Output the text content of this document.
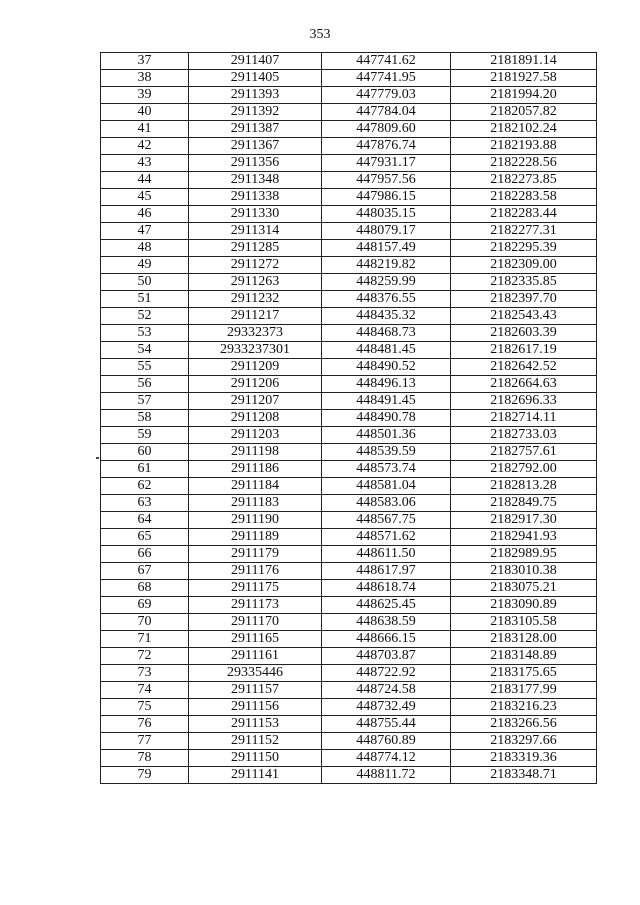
353
37	2911407	447741.62	2181891.14
38	2911405	447741.95	2181927.58
39	2911393	447779.03	2181994.20
40	2911392	447784.04	2182057.82
41	2911387	447809.60	2182102.24
42	2911367	447876.74	2182193.88
43	2911356	447931.17	2182228.56
44	2911348	447957.56	2182273.85
45	2911338	447986.15	2182283.58
46	2911330	448035.15	2182283.44
47	2911314	448079.17	2182277.31
48	2911285	448157.49	2182295.39
49	2911272	448219.82	2182309.00
50	2911263	448259.99	2182335.85
51	2911232	448376.55	2182397.70
52	2911217	448435.32	2182543.43
53	29332373	448468.73	2182603.39
54	2933237301	448481.45	2182617.19
55	2911209	448490.52	2182642.52
56	2911206	448496.13	2182664.63
57	2911207	448491.45	2182696.33
58	2911208	448490.78	2182714.11
59	2911203	448501.36	2182733.03
60	2911198	448539.59	2182757.61
61	2911186	448573.74	2182792.00
62	2911184	448581.04	2182813.28
63	2911183	448583.06	2182849.75
64	2911190	448567.75	2182917.30
65	2911189	448571.62	2182941.93
66	2911179	448611.50	2182989.95
67	2911176	448617.97	2183010.38
68	2911175	448618.74	2183075.21
69	2911173	448625.45	2183090.89
70	2911170	448638.59	2183105.58
71	2911165	448666.15	2183128.00
72	2911161	448703.87	2183148.89
73	29335446	448722.92	2183175.65
74	2911157	448724.58	2183177.99
75	2911156	448732.49	2183216.23
76	2911153	448755.44	2183266.56
77	2911152	448760.89	2183297.66
78	2911150	448774.12	2183319.36
79	2911141	448811.72	2183348.71
